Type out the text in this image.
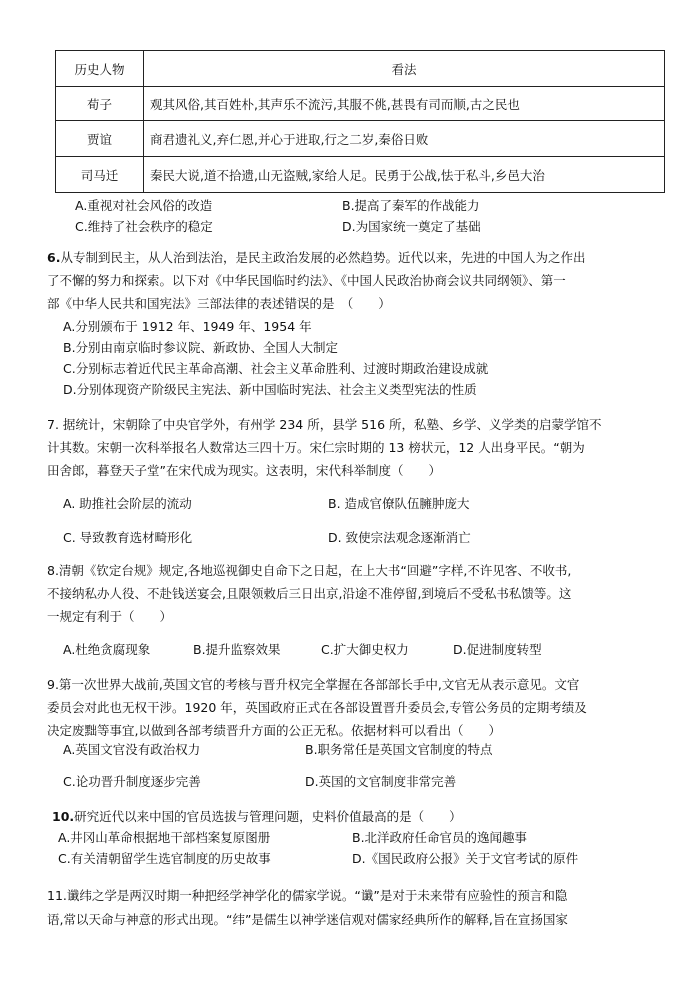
历史人物	看法
荀子	观其风俗,其百姓朴,其声乐不流污,其服不佻,甚畏有司而顺,古之民也
贾谊	商君遗礼义,弃仁恩,并心于进取,行之二岁,秦俗日败
司马迁	秦民大说,道不拾遗,山无盗贼,家给人足。民勇于公战,怯于私斗,乡邑大治
A.重视对社会风俗的改造	B.提高了秦军的作战能力
C.维持了社会秩序的稳定	D.为国家统一奠定了基础
6.从专制到民主，从人治到法治，是民主政治发展的必然趋势。近代以来，先进的中国人为之作出
了不懈的努力和探索。以下对《中华民国临时约法》、《中国人民政治协商会议共同纲领》、第一
部《中华人民共和国宪法》三部法律的表述错误的是　（　　）
A.分别颁布于 1912 年、1949 年、1954 年
B.分别由南京临时参议院、新政协、全国人大制定
C.分别标志着近代民主革命高潮、社会主义革命胜利、过渡时期政治建设成就
D.分别体现资产阶级民主宪法、新中国临时宪法、社会主义类型宪法的性质
7. 据统计，宋朝除了中央官学外，有州学 234 所，县学 516 所，私塾、乡学、义学类的启蒙学馆不
计其数。宋朝一次科举报名人数常达三四十万。宋仁宗时期的 13 榜状元，12 人出身平民。“朝为
田舍郎，暮登天子堂”在宋代成为现实。这表明，宋代科举制度（　　）
A. 助推社会阶层的流动	B. 造成官僚队伍臃肿庞大
C. 导致教育选材畸形化	D. 致使宗法观念逐渐消亡
8.清朝《钦定台规》规定,各地巡视御史自命下之日起，在上大书“回避”字样,不许见客、不收书,
不接纳私办人役、不赴钱送宴会,且限领敕后三日出京,沿途不准停留,到境后不受私书私馈等。这
一规定有利于（　　）
A.杜绝贪腐现象	B.提升监察效果	C.扩大御史权力	D.促进制度转型
9.第一次世界大战前,英国文官的考核与晋升权完全掌握在各部部长手中,文官无从表示意见。文官
委员会对此也无权干涉。1920 年，英国政府正式在各部设置晋升委员会,专管公务员的定期考绩及
决定废黜等事宜,以做到各部考绩晋升方面的公正无私。依据材料可以看出（　　）
A.英国文官没有政治权力	B.职务常任是英国文官制度的特点
C.论功晋升制度逐步完善	D.英国的文官制度非常完善
10.研究近代以来中国的官员选拔与管理问题，史料价值最高的是（　　）
A.井冈山革命根据地干部档案复原图册	B.北洋政府任命官员的逸闻趣事
C.有关清朝留学生选官制度的历史故事	D.《国民政府公报》关于文官考试的原件
11.谶纬之学是两汉时期一种把经学神学化的儒家学说。“谶”是对于未来带有应验性的预言和隐
语,常以天命与神意的形式出现。“纬”是儒生以神学迷信观对儒家经典所作的解释,旨在宣扬国家
